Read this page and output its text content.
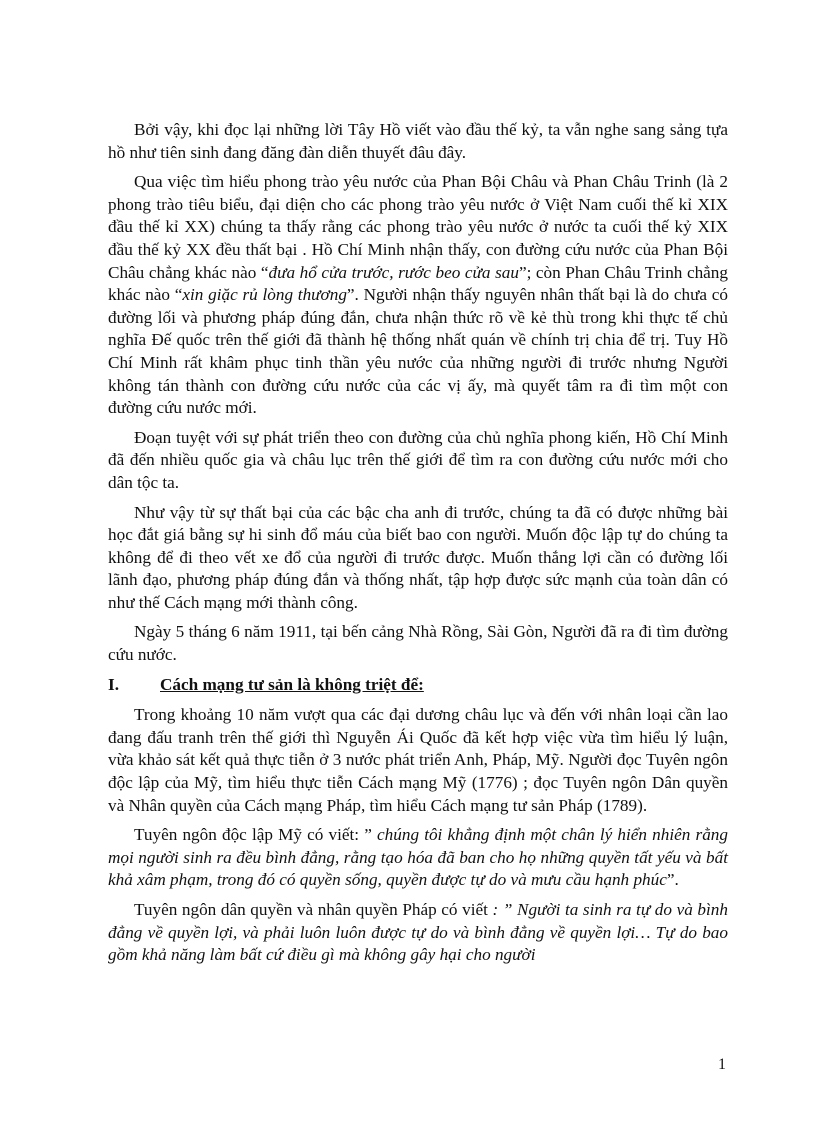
Bởi vậy, khi đọc lại những lời Tây Hồ viết vào đầu thế kỷ, ta vẫn nghe sang sảng tựa hồ như tiên sinh đang đăng đàn diễn thuyết đâu đây.

Qua việc tìm hiểu phong trào yêu nước của Phan Bội Châu và Phan Châu Trinh (là 2 phong trào tiêu biểu, đại diện cho các phong trào yêu nước ở Việt Nam cuối thế kỉ XIX đầu thế kỉ XX) chúng ta thấy rằng các phong trào yêu nước ở nước ta cuối thế kỷ XIX đầu thế kỷ XX đều thất bại . Hồ Chí Minh nhận thấy, con đường cứu nước của Phan Bội Châu chẳng khác nào “đưa hổ cửa trước, rước beo cửa sau”; còn Phan Châu Trinh chẳng khác nào “xin giặc rủ lòng thương”. Người nhận thấy nguyên nhân thất bại là do chưa có đường lối và phương pháp đúng đắn, chưa nhận thức rõ về kẻ thù trong khi thực tế chủ nghĩa Đế quốc trên thế giới đã thành hệ thống nhất quán về chính trị chia để trị. Tuy Hồ Chí Minh rất khâm phục tinh thần yêu nước của những người đi trước nhưng Người không tán thành con đường cứu nước của các vị ấy, mà quyết tâm ra đi tìm một con đường cứu nước mới.

Đoạn tuyệt với sự phát triển theo con đường của chủ nghĩa phong kiến, Hồ Chí Minh đã đến nhiều quốc gia và châu lục trên thế giới để tìm ra con đường cứu nước mới cho dân tộc ta.

Như vậy từ sự thất bại của các bậc cha anh đi trước, chúng ta đã có được những bài học đắt giá bằng sự hi sinh đổ máu của biết bao con người. Muốn độc lập tự do chúng ta không để đi theo vết xe đổ của người đi trước được. Muốn thắng lợi cần có đường lối lãnh đạo, phương pháp đúng đắn và thống nhất, tập hợp được sức mạnh của toàn dân có như thế Cách mạng mới thành công.

Ngày 5 tháng 6 năm 1911, tại bến cảng Nhà Rồng, Sài Gòn, Người đã ra đi tìm đường cứu nước.

I.	Cách mạng tư sản là không triệt để:

Trong khoảng 10 năm vượt qua các đại dương châu lục và đến với nhân loại cần lao đang đấu tranh trên thế giới thì Nguyễn Ái Quốc đã kết hợp việc vừa tìm hiểu lý luận, vừa khảo sát kết quả thực tiễn ở 3 nước phát triển Anh, Pháp, Mỹ. Người đọc Tuyên ngôn độc lập của Mỹ, tìm hiểu thực tiễn Cách mạng Mỹ (1776) ; đọc Tuyên ngôn Dân quyền và Nhân quyền của Cách mạng Pháp, tìm hiểu Cách mạng tư sản Pháp (1789).

Tuyên ngôn độc lập Mỹ có viết: ” chúng tôi khẳng định một chân lý hiển nhiên rằng mọi người sinh ra đều bình đẳng, rằng tạo hóa đã ban cho họ những quyền tất yếu và bất khả xâm phạm, trong đó có quyền sống, quyền được tự do và mưu cầu hạnh phúc”.

Tuyên ngôn dân quyền và nhân quyền Pháp có viết : ” Người ta sinh ra tự do và bình đẳng về quyền lợi, và phải luôn luôn được tự do và bình đẳng về quyền lợi… Tự do bao gồm khả năng làm bất cứ điều gì mà không gây hại cho người

1
